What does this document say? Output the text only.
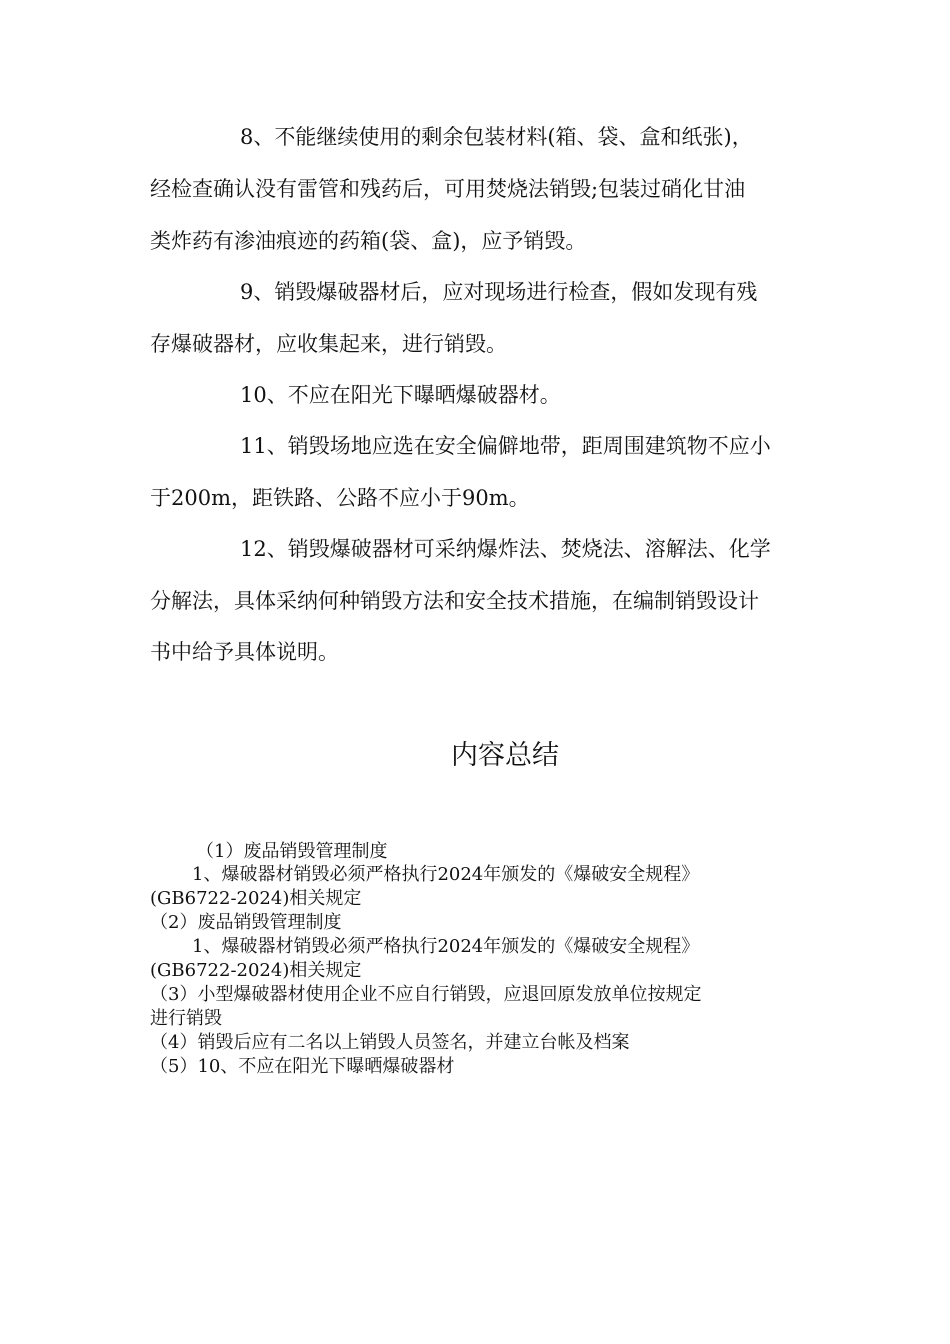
8、不能继续使用的剩余包装材料(箱、袋、盒和纸张)，
经检查确认没有雷管和残药后，可用焚烧法销毁;包装过硝化甘油
类炸药有渗油痕迹的药箱(袋、盒)，应予销毁。
9、销毁爆破器材后，应对现场进行检查，假如发现有残
存爆破器材，应收集起来，进行销毁。
10、不应在阳光下曝晒爆破器材。
11、销毁场地应选在安全偏僻地带，距周围建筑物不应小
于200m，距铁路、公路不应小于90m。
12、销毁爆破器材可采纳爆炸法、焚烧法、溶解法、化学
分解法，具体采纳何种销毁方法和安全技术措施，在编制销毁设计
书中给予具体说明。
内容总结
（1）废品销毁管理制度
1、爆破器材销毁必须严格执行2024年颁发的《爆破安全规程》
(GB6722-2024)相关规定
（2）废品销毁管理制度
1、爆破器材销毁必须严格执行2024年颁发的《爆破安全规程》
(GB6722-2024)相关规定
（3）小型爆破器材使用企业不应自行销毁，应退回原发放单位按规定
进行销毁
（4）销毁后应有二名以上销毁人员签名，并建立台帐及档案
（5）10、不应在阳光下曝晒爆破器材
